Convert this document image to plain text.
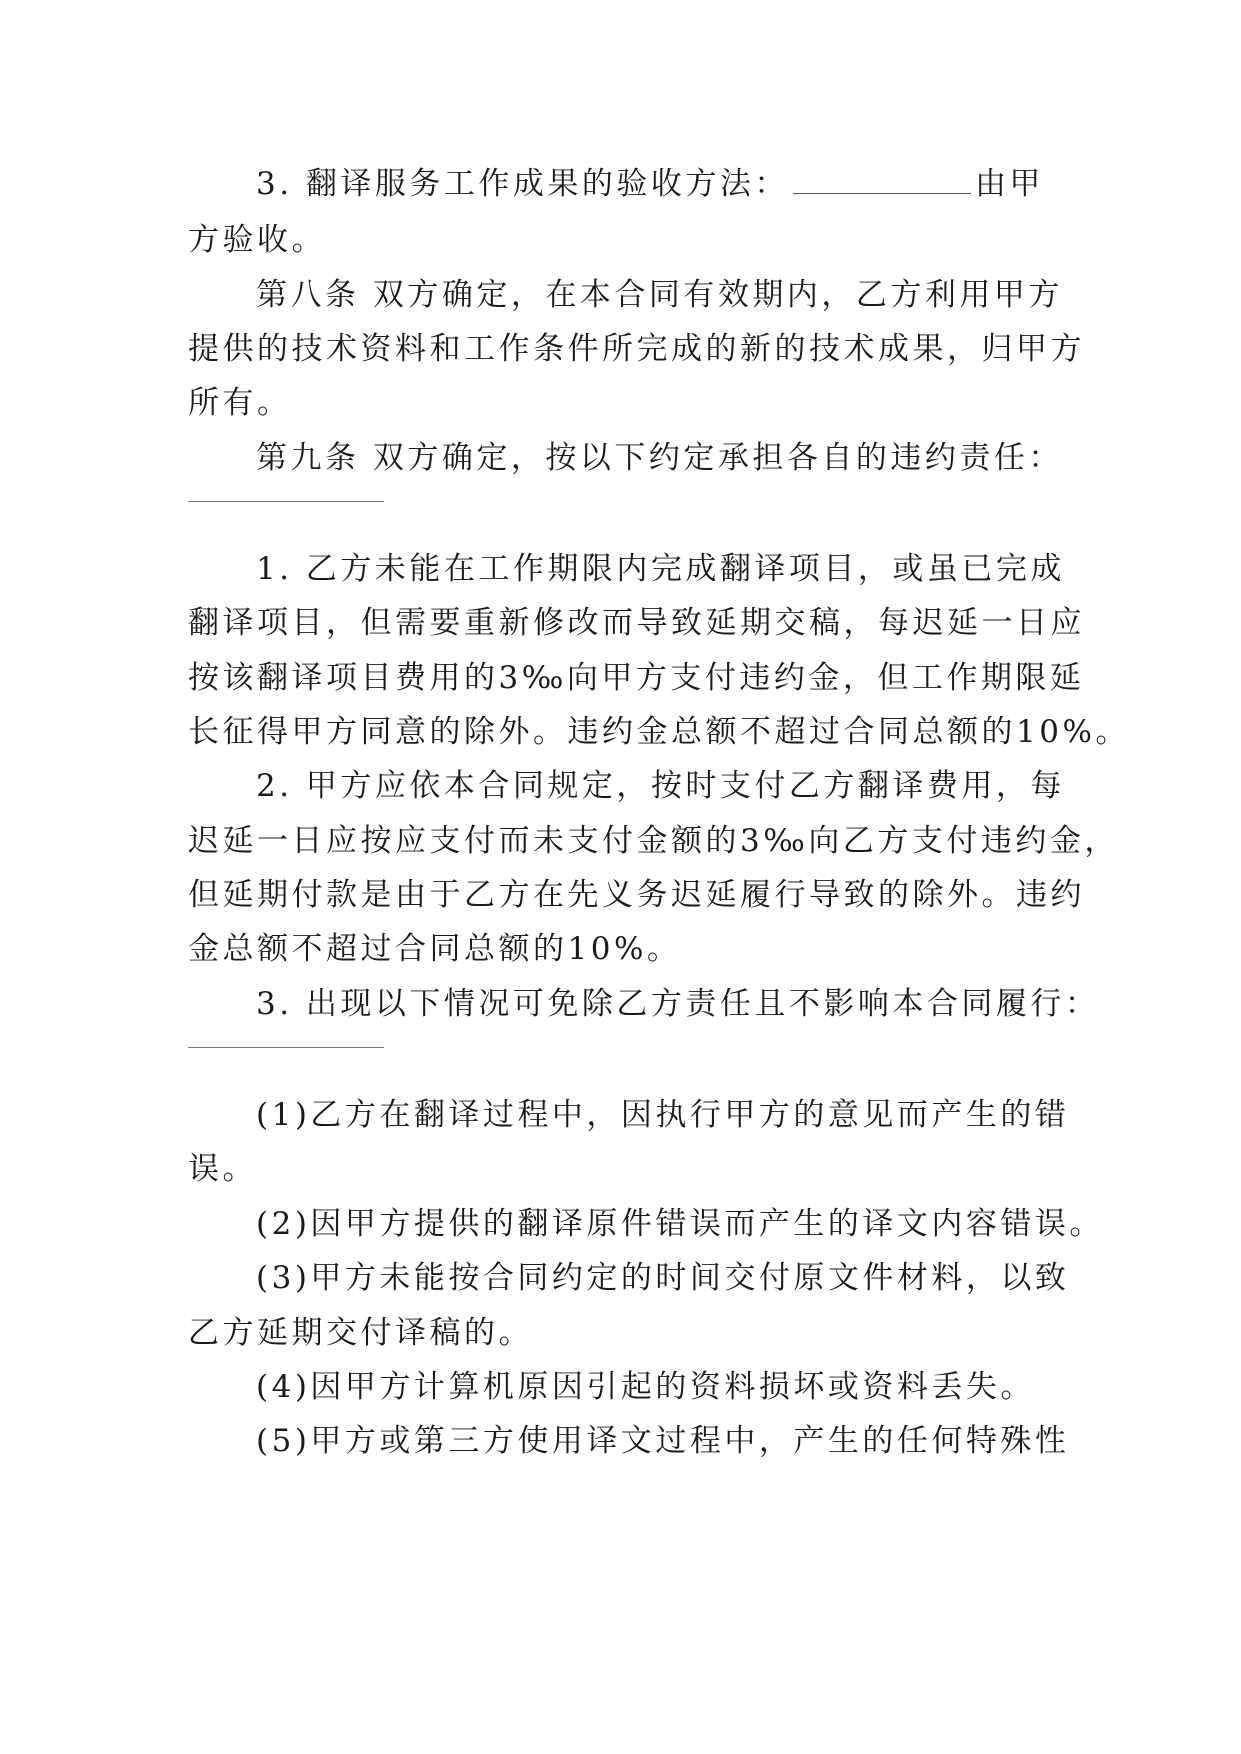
3. 翻译服务工作成果的验收方法：	由甲
方验收。
第八条 双方确定，在本合同有效期内，乙方利用甲方
提供的技术资料和工作条件所完成的新的技术成果，归甲方
所有。
第九条 双方确定，按以下约定承担各自的违约责任：
1. 乙方未能在工作期限内完成翻译项目，或虽已完成
翻译项目，但需要重新修改而导致延期交稿，每迟延一日应
按该翻译项目费用的3‰向甲方支付违约金，但工作期限延
长征得甲方同意的除外。违约金总额不超过合同总额的10%。
2. 甲方应依本合同规定，按时支付乙方翻译费用，每
迟延一日应按应支付而未支付金额的3‰向乙方支付违约金，
但延期付款是由于乙方在先义务迟延履行导致的除外。违约
金总额不超过合同总额的10%。
3. 出现以下情况可免除乙方责任且不影响本合同履行：
(1)乙方在翻译过程中，因执行甲方的意见而产生的错
误。
(2)因甲方提供的翻译原件错误而产生的译文内容错误。
(3)甲方未能按合同约定的时间交付原文件材料，以致
乙方延期交付译稿的。
(4)因甲方计算机原因引起的资料损坏或资料丢失。
(5)甲方或第三方使用译文过程中，产生的任何特殊性
